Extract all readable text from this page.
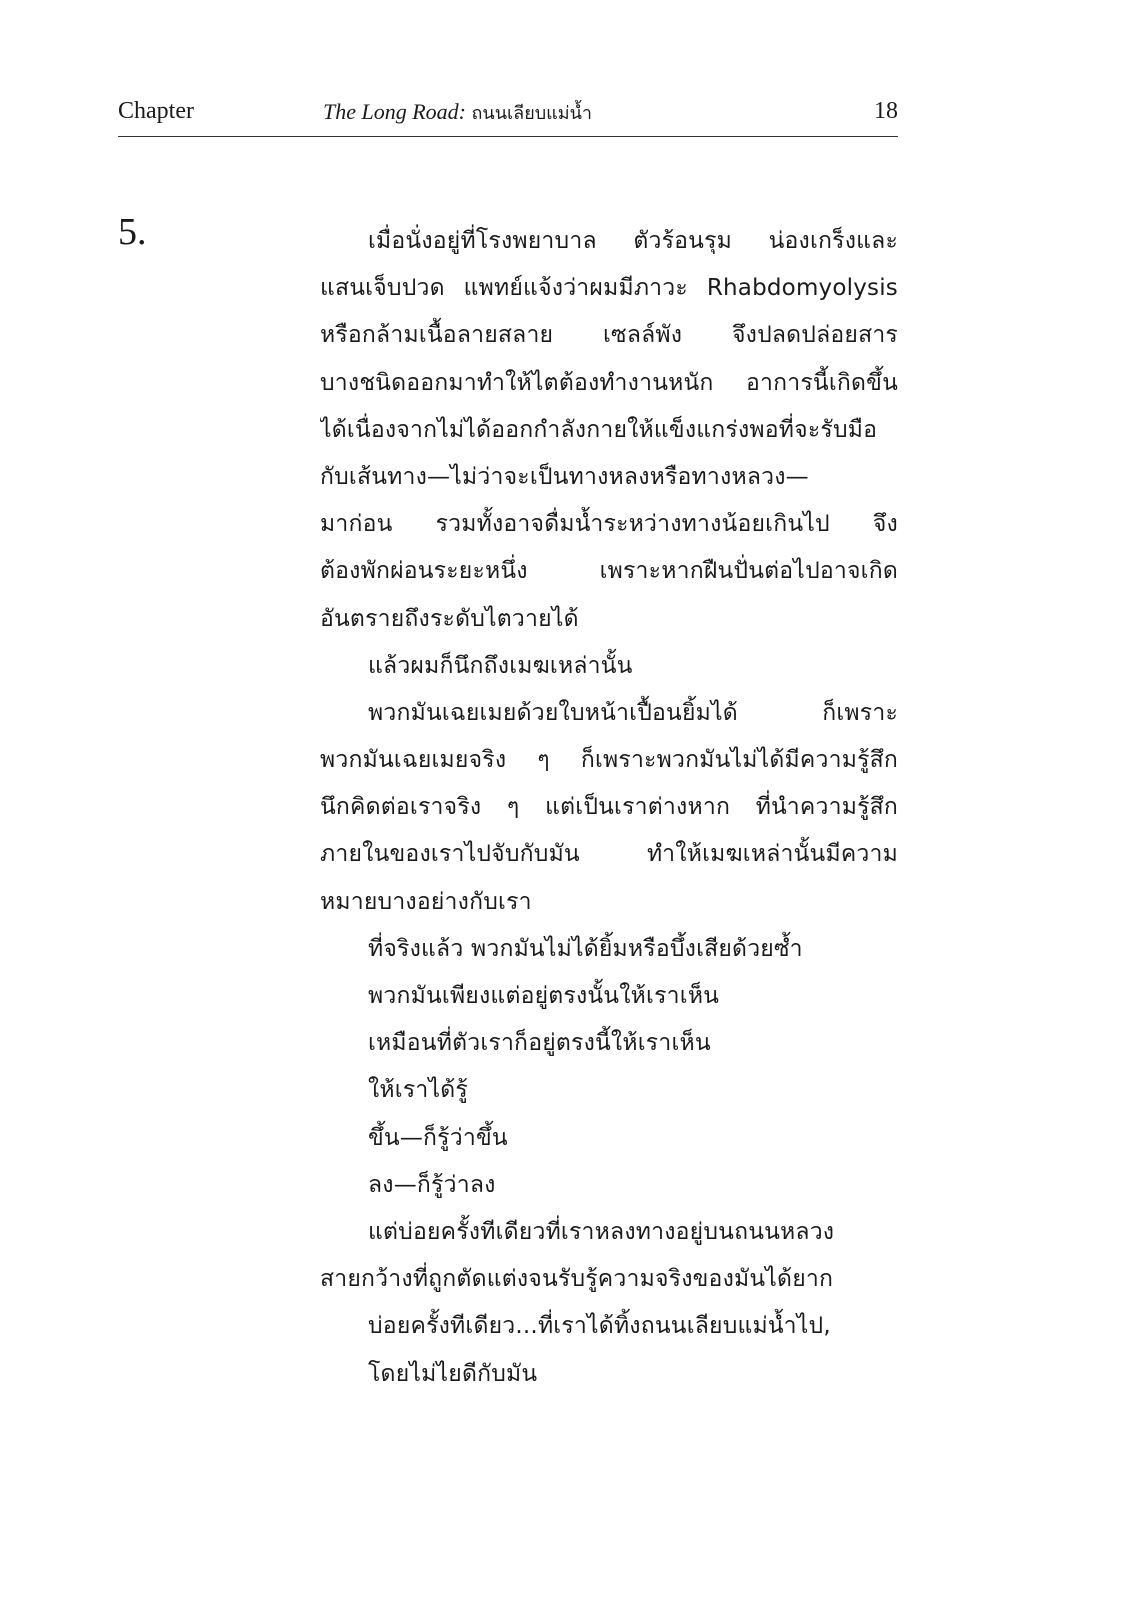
Chapter	The Long Road: ถนนเลียบแม่น้ำ	18
5.	เมื่อนั่งอยู่ที่โรงพยาบาล ตัวร้อนรุม น่องเกร็งและ
แสนเจ็บปวด แพทย์แจ้งว่าผมมีภาวะ Rhabdomyolysis
หรือกล้ามเนื้อลายสลาย เซลล์พัง จึงปลดปล่อยสาร
บางชนิดออกมาทำให้ไตต้องทำงานหนัก อาการนี้เกิดขึ้น
ได้เนื่องจากไม่ได้ออกกำลังกายให้แข็งแกร่งพอที่จะรับมือ
กับเส้นทาง—ไม่ว่าจะเป็นทางหลงหรือทางหลวง—
มาก่อน รวมทั้งอาจดื่มน้ำระหว่างทางน้อยเกินไป จึง
ต้องพักผ่อนระยะหนึ่ง เพราะหากฝืนปั่นต่อไปอาจเกิด
อันตรายถึงระดับไตวายได้
แล้วผมก็นึกถึงเมฆเหล่านั้น
พวกมันเฉยเมยด้วยใบหน้าเปื้อนยิ้มได้ ก็เพราะ
พวกมันเฉยเมยจริง ๆ ก็เพราะพวกมันไม่ได้มีความรู้สึก
นึกคิดต่อเราจริง ๆ แต่เป็นเราต่างหาก ที่นำความรู้สึก
ภายในของเราไปจับกับมัน ทำให้เมฆเหล่านั้นมีความ
หมายบางอย่างกับเรา
ที่จริงแล้ว พวกมันไม่ได้ยิ้มหรือบึ้งเสียด้วยซ้ำ
พวกมันเพียงแต่อยู่ตรงนั้นให้เราเห็น
เหมือนที่ตัวเราก็อยู่ตรงนี้ให้เราเห็น
ให้เราได้รู้
ขึ้น—ก็รู้ว่าขึ้น
ลง—ก็รู้ว่าลง
แต่บ่อยครั้งทีเดียวที่เราหลงทางอยู่บนถนนหลวง
สายกว้างที่ถูกตัดแต่งจนรับรู้ความจริงของมันได้ยาก
บ่อยครั้งทีเดียว...ที่เราได้ทิ้งถนนเลียบแม่น้ำไป,
โดยไม่ไยดีกับมัน
